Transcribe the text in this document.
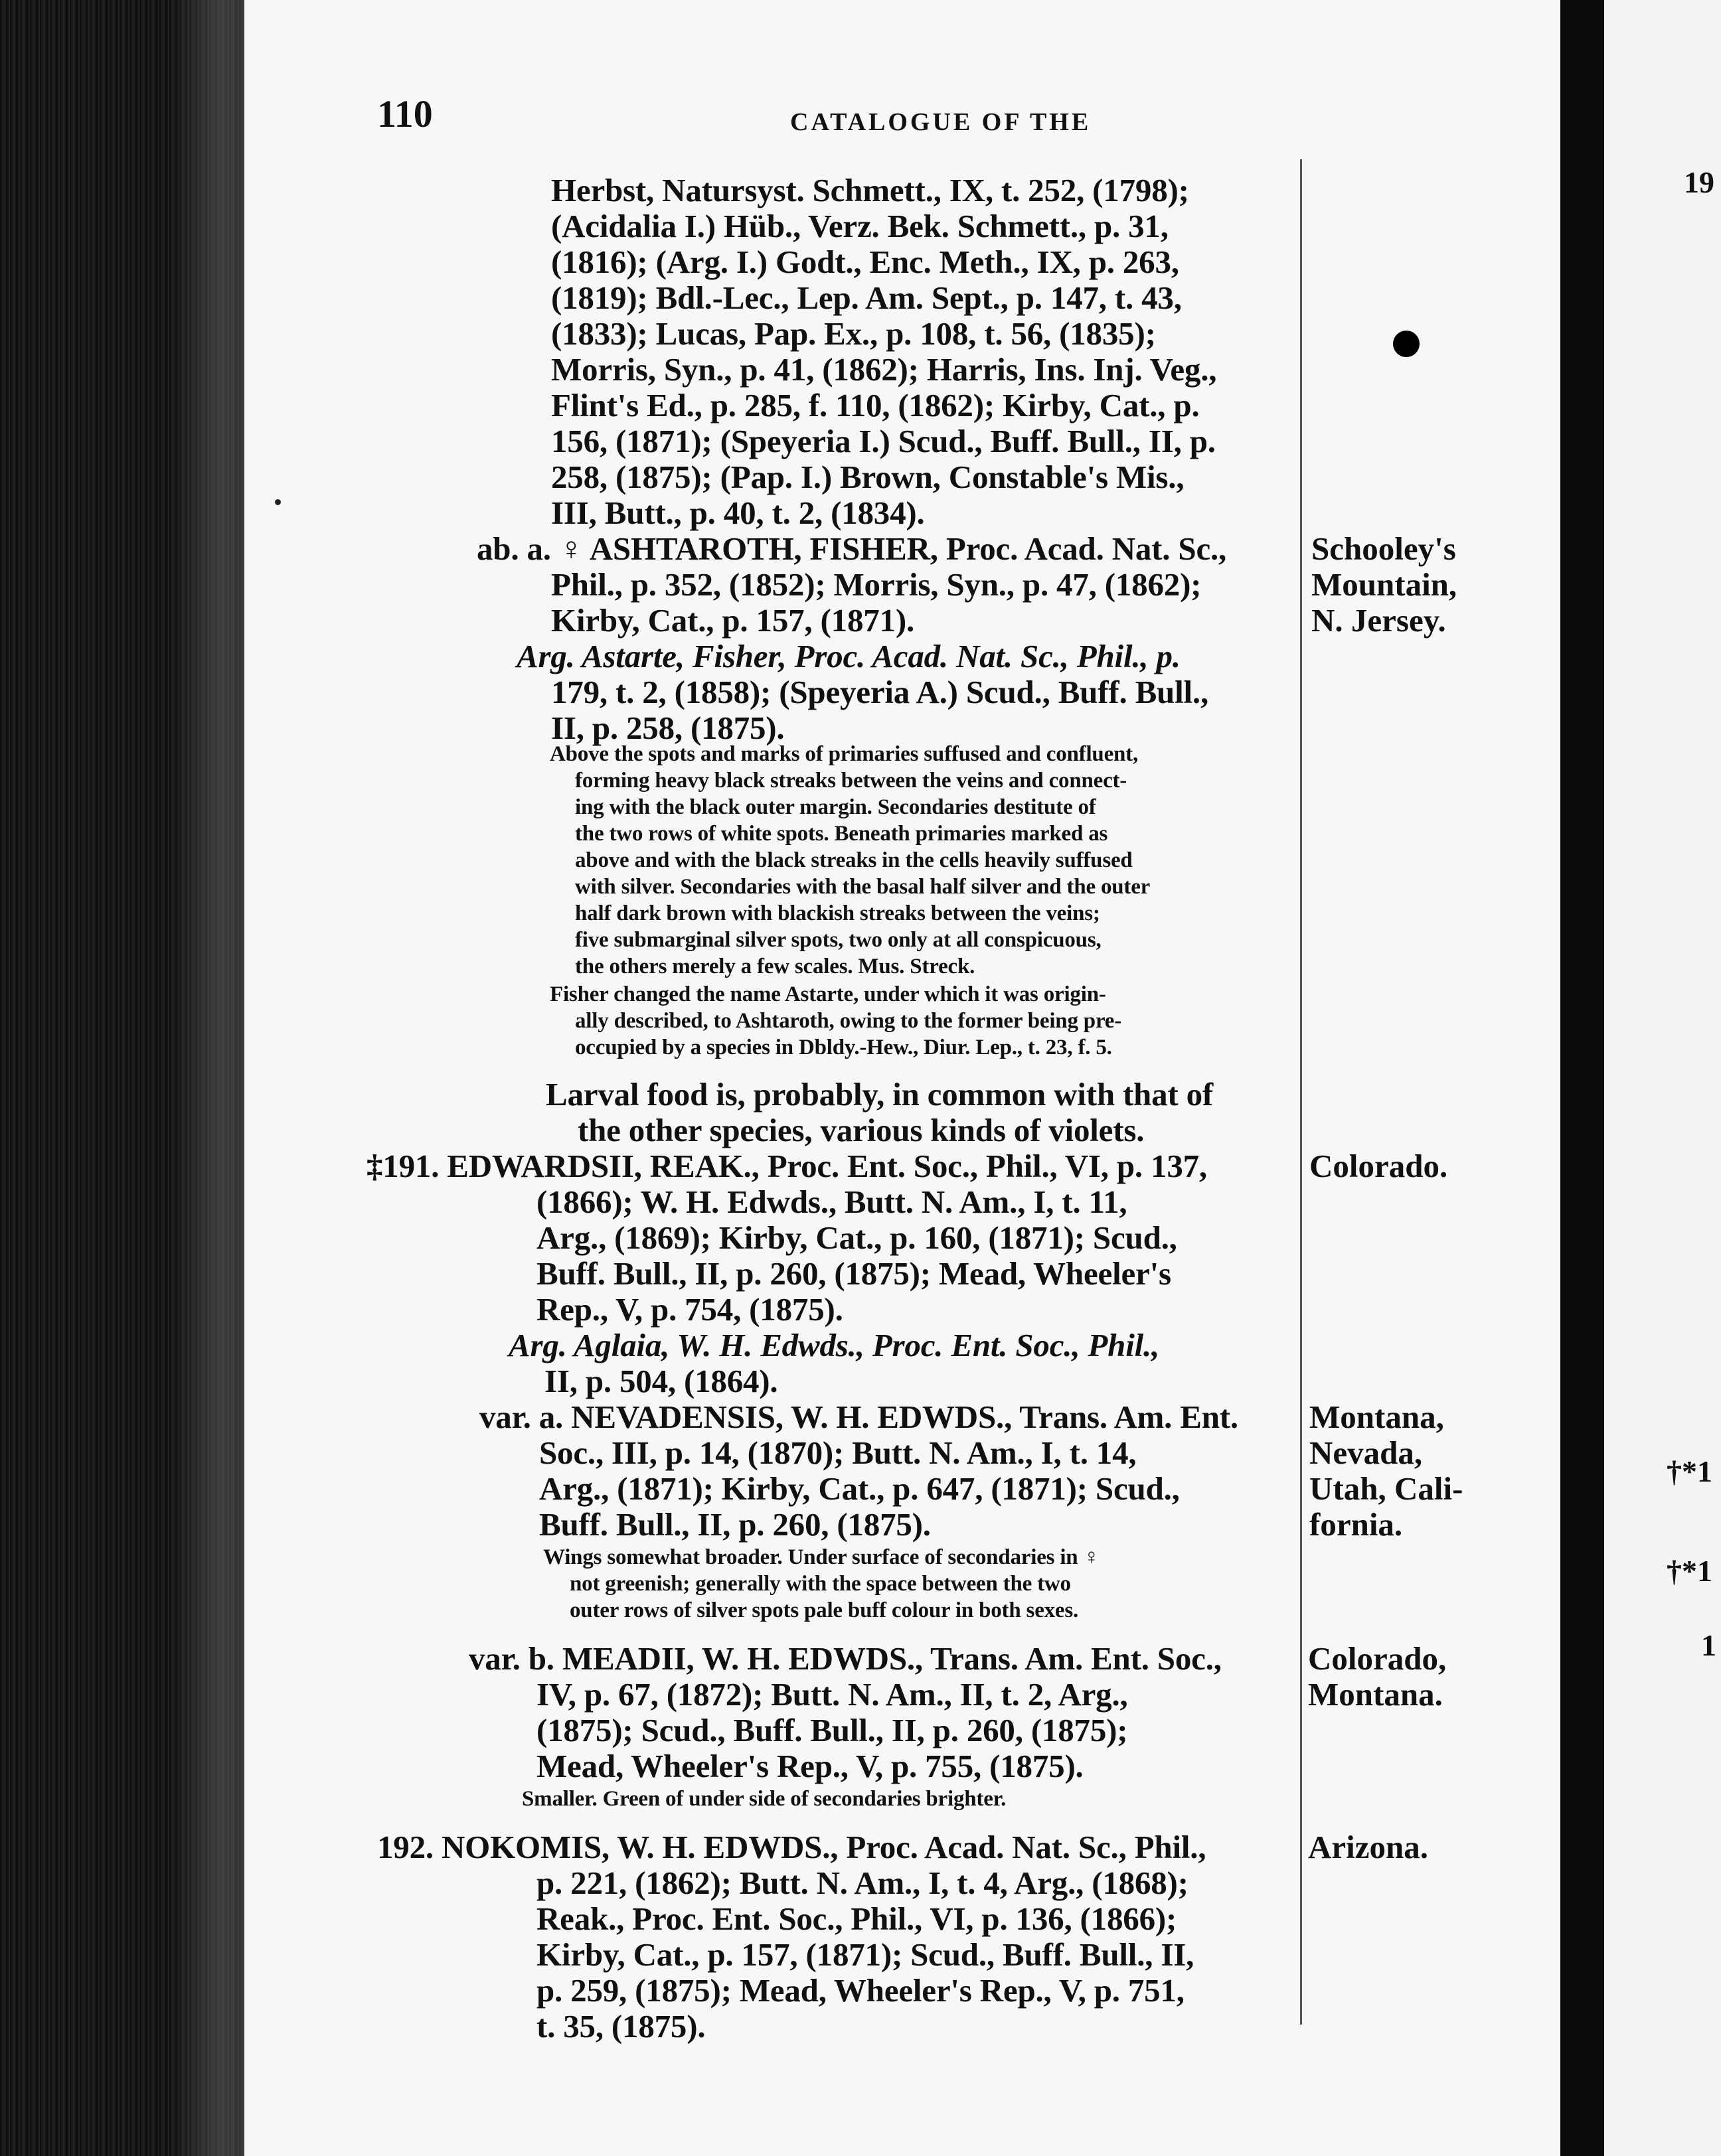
110	CATALOGUE OF THE
Herbst, Natursyst. Schmett., IX, t. 252, (1798);
(Acidalia I.) Hüb., Verz. Bek. Schmett., p. 31,
(1816); (Arg. I.) Godt., Enc. Meth., IX, p. 263,
(1819); Bdl.-Lec., Lep. Am. Sept., p. 147, t. 43,
(1833); Lucas, Pap. Ex., p. 108, t. 56, (1835);
Morris, Syn., p. 41, (1862); Harris, Ins. Inj. Veg.,
Flint's Ed., p. 285, f. 110, (1862); Kirby, Cat., p.
156, (1871); (Speyeria I.) Scud., Buff. Bull., II, p.
258, (1875); (Pap. I.) Brown, Constable's Mis.,
III, Butt., p. 40, t. 2, (1834).
ab. a. ♀ ASHTAROTH, FISHER, Proc. Acad. Nat. Sc.,
Phil., p. 352, (1852); Morris, Syn., p. 47, (1862);
Kirby, Cat., p. 157, (1871).
Arg. Astarte, Fisher, Proc. Acad. Nat. Sc., Phil., p.
179, t. 2, (1858); (Speyeria A.) Scud., Buff. Bull.,
II, p. 258, (1875).
Above the spots and marks of primaries suffused and confluent,
forming heavy black streaks between the veins and connect-
ing with the black outer margin. Secondaries destitute of
the two rows of white spots. Beneath primaries marked as
above and with the black streaks in the cells heavily suffused
with silver. Secondaries with the basal half silver and the outer
half dark brown with blackish streaks between the veins;
five submarginal silver spots, two only at all conspicuous,
the others merely a few scales. Mus. Streck.
Fisher changed the name Astarte, under which it was origin-
ally described, to Ashtaroth, owing to the former being pre-
occupied by a species in Dbldy.-Hew., Diur. Lep., t. 23, f. 5.
Larval food is, probably, in common with that of
the other species, various kinds of violets.
‡191. EDWARDSII, REAK., Proc. Ent. Soc., Phil., VI, p. 137,
(1866); W. H. Edwds., Butt. N. Am., I, t. 11,
Arg., (1869); Kirby, Cat., p. 160, (1871); Scud.,
Buff. Bull., II, p. 260, (1875); Mead, Wheeler's
Rep., V, p. 754, (1875).
Arg. Aglaia, W. H. Edwds., Proc. Ent. Soc., Phil.,
II, p. 504, (1864).
var. a. NEVADENSIS, W. H. EDWDS., Trans. Am. Ent.
Soc., III, p. 14, (1870); Butt. N. Am., I, t. 14,
Arg., (1871); Kirby, Cat., p. 647, (1871); Scud.,
Buff. Bull., II, p. 260, (1875).
Wings somewhat broader. Under surface of secondaries in ♀
not greenish; generally with the space between the two
outer rows of silver spots pale buff colour in both sexes.
var. b. MEADII, W. H. EDWDS., Trans. Am. Ent. Soc.,
IV, p. 67, (1872); Butt. N. Am., II, t. 2, Arg.,
(1875); Scud., Buff. Bull., II, p. 260, (1875);
Mead, Wheeler's Rep., V, p. 755, (1875).
Smaller. Green of under side of secondaries brighter.
192. NOKOMIS, W. H. EDWDS., Proc. Acad. Nat. Sc., Phil.,
p. 221, (1862); Butt. N. Am., I, t. 4, Arg., (1868);
Reak., Proc. Ent. Soc., Phil., VI, p. 136, (1866);
Kirby, Cat., p. 157, (1871); Scud., Buff. Bull., II,
p. 259, (1875); Mead, Wheeler's Rep., V, p. 751,
t. 35, (1875).
Schooley's
Mountain,
N. Jersey.
Colorado.
Montana,
Nevada,
Utah, Cali-
fornia.
Colorado,
Montana.
Arizona.
19
†*1
†*1
1
